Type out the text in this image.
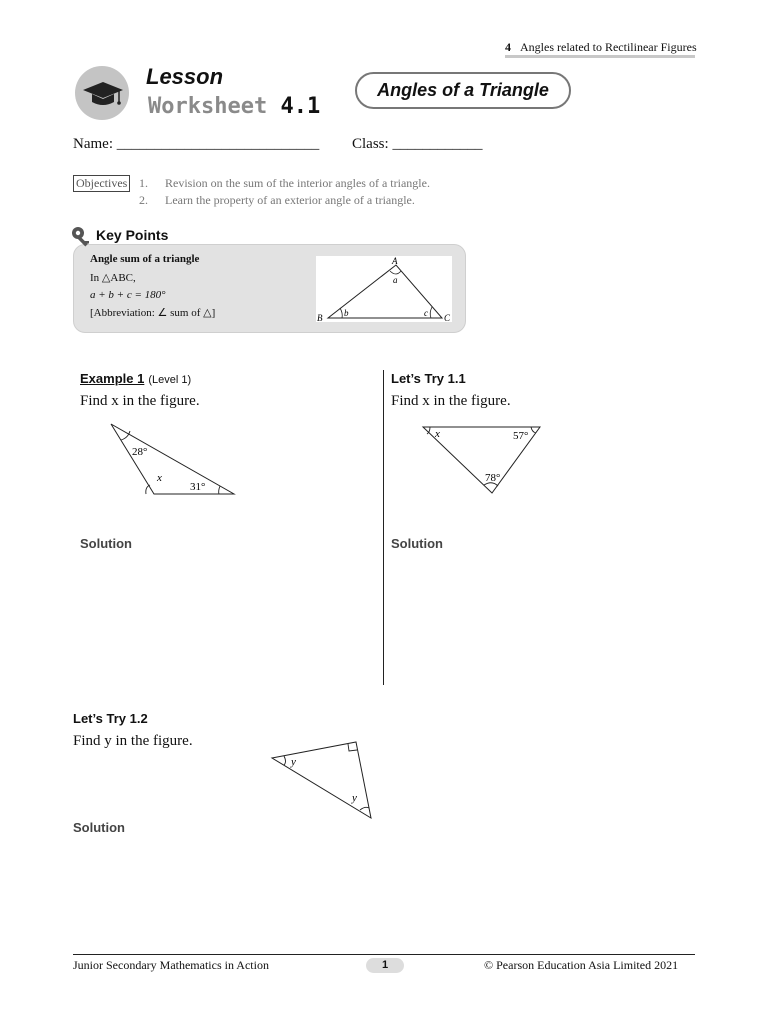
4 Angles related to Rectilinear Figures
Lesson
Worksheet 4.1
Angles of a Triangle
Name: ___________________________ Class: ____________
Objectives 1. Revision on the sum of the interior angles of a triangle.
2. Learn the property of an exterior angle of a triangle.
Key Points
Angle sum of a triangle
In △ABC,
a + b + c = 180°
[Abbreviation: ∠ sum of △]
A
B	C
a
b	c
Example 1 (Level 1)
Find x in the figure.
28°
x
31°
Solution
Let’s Try 1.1
Find x in the figure.
x	57°
78°
Solution
Let’s Try 1.2
Find y in the figure.
y
y
Solution
Junior Secondary Mathematics in Action	1	© Pearson Education Asia Limited 2021
